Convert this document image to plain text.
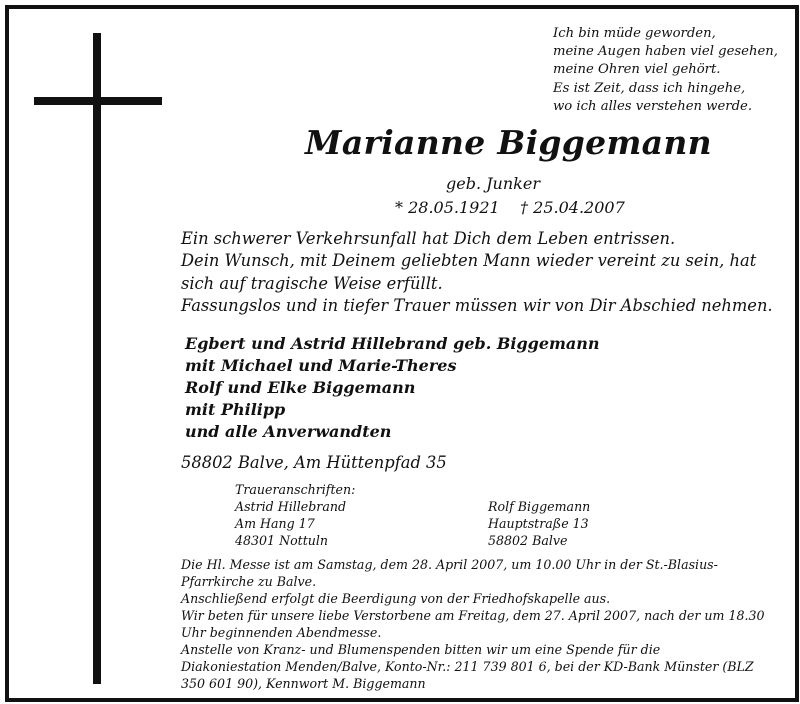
Ich bin müde geworden,
meine Augen haben viel gesehen,
meine Ohren viel gehört.
Es ist Zeit, dass ich hingehe,
wo ich alles verstehen werde.
Marianne Biggemann
geb. Junker
* 28.05.1921 † 25.04.2007
Ein schwerer Verkehrsunfall hat Dich dem Leben entrissen.
Dein Wunsch, mit Deinem geliebten Mann wieder vereint zu sein, hat
sich auf tragische Weise erfüllt.
Fassungslos und in tiefer Trauer müssen wir von Dir Abschied nehmen.
Egbert und Astrid Hillebrand geb. Biggemann
mit Michael und Marie-Theres
Rolf und Elke Biggemann
mit Philipp
und alle Anverwandten
58802 Balve, Am Hüttenpfad 35
Traueranschriften:
Astrid Hillebrand
Am Hang 17
48301 Nottuln
Rolf Biggemann
Hauptstraße 13
58802 Balve
Die Hl. Messe ist am Samstag, dem 28. April 2007, um 10.00 Uhr in der St.-Blasius-
Pfarrkirche zu Balve.
Anschließend erfolgt die Beerdigung von der Friedhofskapelle aus.
Wir beten für unsere liebe Verstorbene am Freitag, dem 27. April 2007, nach der um 18.30
Uhr beginnenden Abendmesse.
Anstelle von Kranz- und Blumenspenden bitten wir um eine Spende für die
Diakoniestation Menden/Balve, Konto-Nr.: 211 739 801 6, bei der KD-Bank Münster (BLZ
350 601 90), Kennwort M. Biggemann
